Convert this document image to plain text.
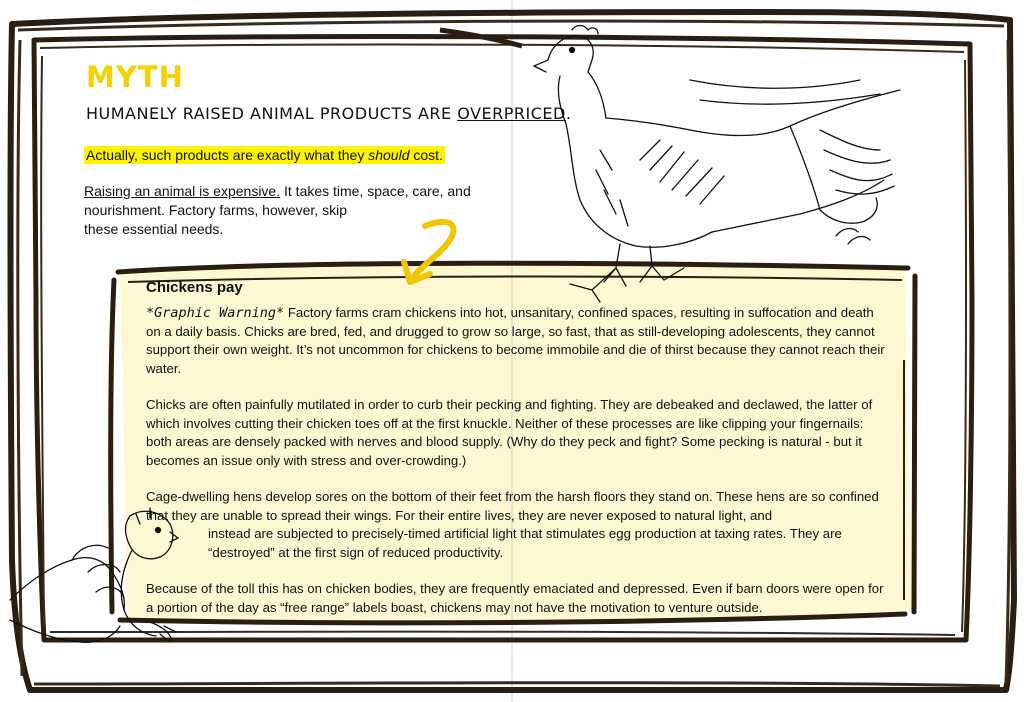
MYTH
HUMANELY RAISED ANIMAL PRODUCTS ARE OVERPRICED.
Actually, such products are exactly what they should cost.
Raising an animal is expensive. It takes time, space, care, and
nourishment. Factory farms, however, skip
these essential needs.
Chickens pay

*Graphic Warning* Factory farms cram chickens into hot, unsanitary, confined spaces, resulting in suffocation and death on a daily basis. Chicks are bred, fed, and drugged to grow so large, so fast, that as still-developing adolescents, they cannot support their own weight. It’s not uncommon for chickens to become immobile and die of thirst because they cannot reach their water.

Chicks are often painfully mutilated in order to curb their pecking and fighting. They are debeaked and declawed, the latter of which involves cutting their chicken toes off at the first knuckle. Neither of these processes are like clipping your fingernails: both areas are densely packed with nerves and blood supply. (Why do they peck and fight? Some pecking is natural - but it becomes an issue only with stress and over-crowding.)

Cage-dwelling hens develop sores on the bottom of their feet from the harsh floors they stand on. These hens are so confined that they are unable to spread their wings. For their entire lives, they are never exposed to natural light, and

instead are subjected to precisely-timed artificial light that stimulates egg production at taxing rates. They are “destroyed” at the first sign of reduced productivity.

Because of the toll this has on chicken bodies, they are frequently emaciated and depressed. Even if barn doors were open for a portion of the day as “free range” labels boast, chickens may not have the motivation to venture outside.
